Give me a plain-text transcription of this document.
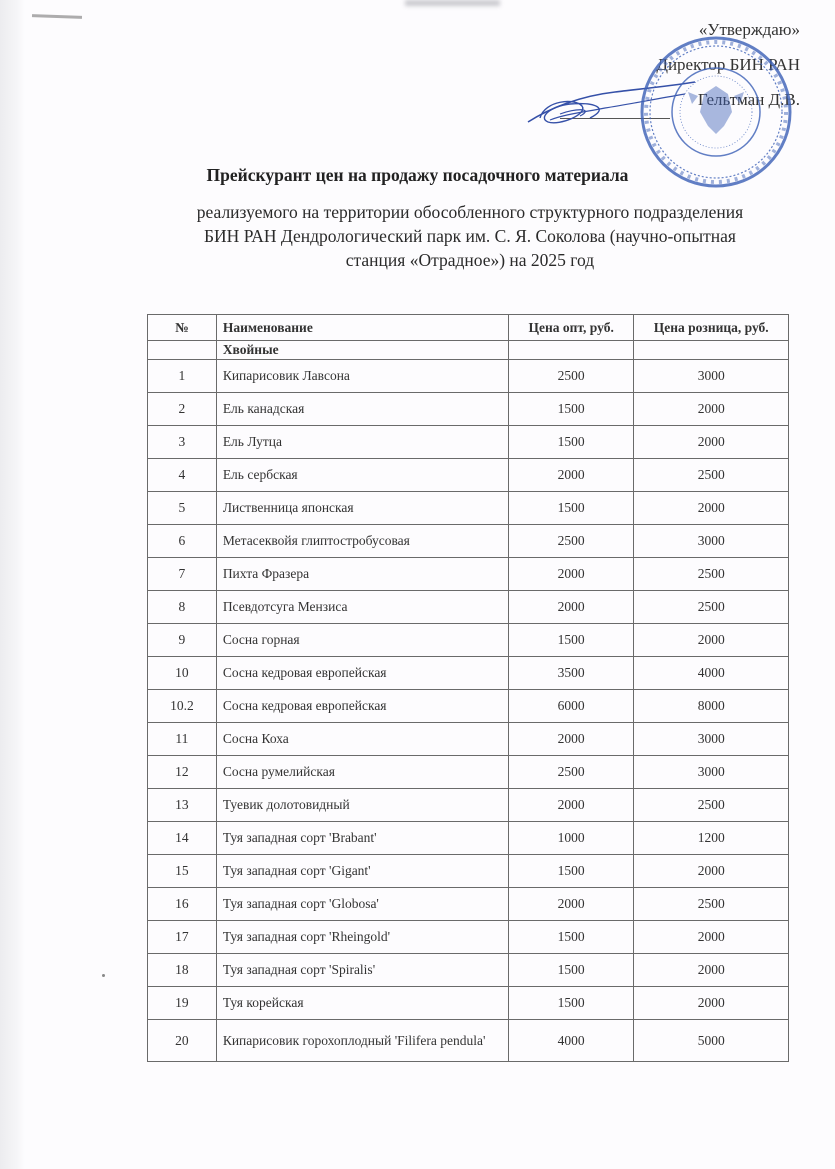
«Утверждаю»
Директор БИН РАН
Гельтман Д.В.
Прейскурант цен на продажу посадочного материала
реализуемого на территории обособленного структурного подразделения
БИН РАН Дендрологический парк им. С. Я. Соколова (научно-опытная
станция «Отрадное») на 2025 год
№	Наименование	Цена опт, руб.	Цена розница, руб.
	Хвойные		
1	Кипарисовик Лавсона	2500	3000
2	Ель канадская	1500	2000
3	Ель Лутца	1500	2000
4	Ель сербская	2000	2500
5	Лиственница японская	1500	2000
6	Метасеквойя глиптостробусовая	2500	3000
7	Пихта Фразера	2000	2500
8	Псевдотсуга Мензиса	2000	2500
9	Сосна горная	1500	2000
10	Сосна кедровая европейская	3500	4000
10.2	Сосна кедровая европейская	6000	8000
11	Сосна Коха	2000	3000
12	Сосна румелийская	2500	3000
13	Туевик долотовидный	2000	2500
14	Туя западная сорт 'Brabant'	1000	1200
15	Туя западная сорт 'Gigant'	1500	2000
16	Туя западная сорт 'Globosa'	2000	2500
17	Туя западная сорт 'Rheingold'	1500	2000
18	Туя западная сорт 'Spiralis'	1500	2000
19	Туя корейская	1500	2000
20	Кипарисовик горохоплодный 'Filifera pendula'	4000	5000
